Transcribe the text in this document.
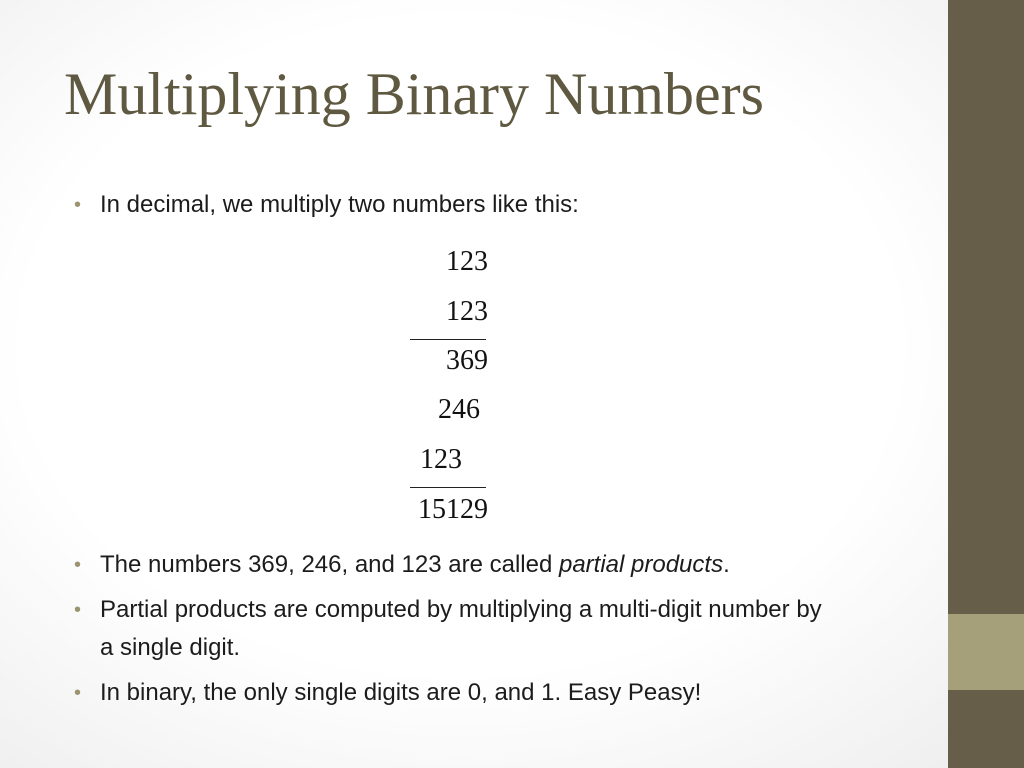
Multiplying Binary Numbers
• In decimal, we multiply two numbers like this:
123
123
369
246
123
15129
• The numbers 369, 246, and 123 are called partial products.
• Partial products are computed by multiplying a multi-digit number by a single digit.
• In binary, the only single digits are 0, and 1. Easy Peasy!
